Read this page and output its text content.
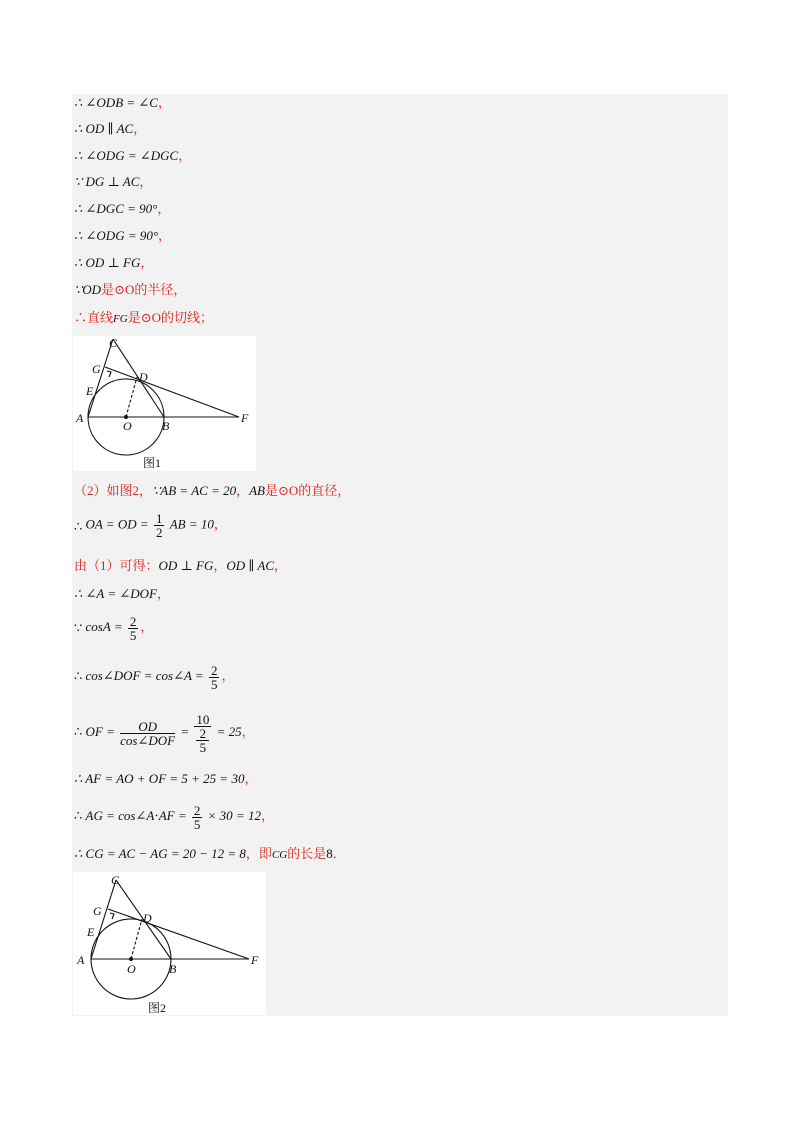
∴ ∠ODB = ∠C，
∴ OD ∥ AC，
∴ ∠ODG = ∠DGC，
∵ DG ⊥ AC，
∴ ∠DGC = 90°，
∴ ∠ODG = 90°，
∴ OD ⊥ FG，
∵OD是⊙O的半径，
∴直线FG是⊙O的切线；
C
G
D
E
A
O	B
F
图1
（2）如图2，∵AB = AC = 20，AB是⊙O的直径，
∴ OA = OD = $\frac{1}{2}$ AB = 10，
由（1）可得：OD ⊥ FG，OD ∥ AC，
∴ ∠A = ∠DOF，
∵ $\cos A = \frac{2}{5}$ ，
∴ cos∠DOF = cos∠A = $\frac{2}{5}$ ，
∴ OF = $\frac{OD}{\text{cos∠DOF}} = 10$
2
5 = 25，
∴ AF = AO + OF = 5 + 25 = 30，
∴ AG = cos∠A⋅AF = $\frac{2}{5} \times 30 = 12$，
∴ CG = AC − AG = 20 − 12 = 8，即CG的长是8．
C
G	D
E
A
O	B
F
图2
